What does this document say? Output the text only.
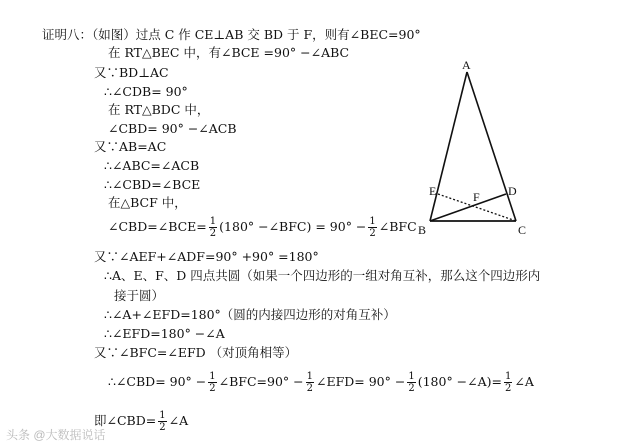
证明八：（如图）过点 C 作 CE⊥AB 交 BD 于 F，则有∠BEC=90°
在 RT△BEC 中，有∠BCE =90° −∠ABC
又∵BD⊥AC
∴∠CDB= 90°
在 RT△BDC 中，
∠CBD= 90° −∠ACB
又∵AB=AC
∴∠ABC=∠ACB
∴∠CBD=∠BCE
在△BCF 中，
∠CBD=∠BCE= $\frac{1}{2} (180^\circ$ −∠BFC) = $90^\circ - \frac{1}{2}$ ∠BFC
又∵∠AEF+∠ADF=90° +90° =180°
∴A、E、F、D 四点共圆（如果一个四边形的一组对角互补，那么这个四边形内
接于圆）
∴∠A+∠EFD=180°（圆的内接四边形的对角互补）
∴∠EFD=180° −∠A
又∵∠BFC=∠EFD （对顶角相等）
∴∠CBD= $90^\circ - \frac{1}{2}$ ∠BFC=90° − $\frac{1}{2}$ ∠EFD= $90^\circ - \frac{1}{2} (180^\circ$ −∠A)= $\frac{1}{2}$ ∠A
即∠CBD= $\frac{1}{2}$ ∠A
A
B	C
D
E	F
头条 @大数据说话
